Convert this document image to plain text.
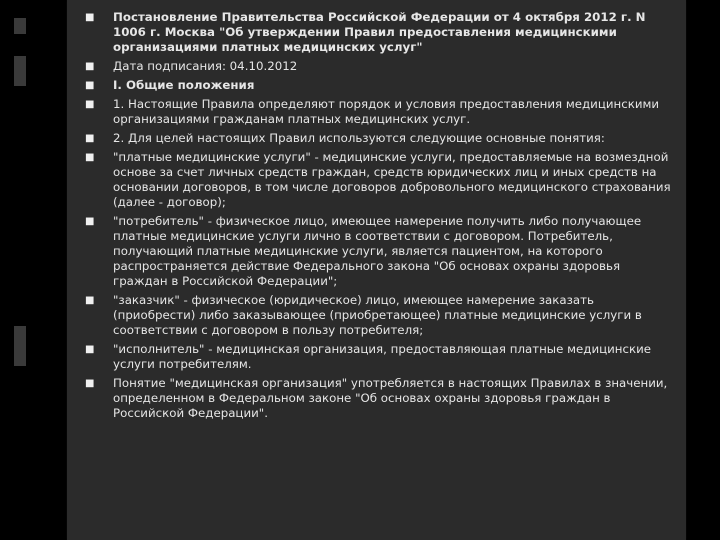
■ Постановление Правительства Российской Федерации от 4 октября 2012 г. N 1006 г. Москва "Об утверждении Правил предоставления медицинскими организациями платных медицинских услуг"
■ Дата подписания: 04.10.2012
■ I. Общие положения
■ 1. Настоящие Правила определяют порядок и условия предоставления медицинскими организациями гражданам платных медицинских услуг.
■ 2. Для целей настоящих Правил используются следующие основные понятия:
■ "платные медицинские услуги" - медицинские услуги, предоставляемые на возмездной основе за счет личных средств граждан, средств юридических лиц и иных средств на основании договоров, в том числе договоров добровольного медицинского страхования (далее - договор);
■ "потребитель" - физическое лицо, имеющее намерение получить либо получающее платные медицинские услуги лично в соответствии с договором. Потребитель, получающий платные медицинские услуги, является пациентом, на которого распространяется действие Федерального закона "Об основах охраны здоровья граждан в Российской Федерации";
■ "заказчик" - физическое (юридическое) лицо, имеющее намерение заказать (приобрести) либо заказывающее (приобретающее) платные медицинские услуги в соответствии с договором в пользу потребителя;
■ "исполнитель" - медицинская организация, предоставляющая платные медицинские услуги потребителям.
■ Понятие "медицинская организация" употребляется в настоящих Правилах в значении, определенном в Федеральном законе "Об основах охраны здоровья граждан в Российской Федерации".
